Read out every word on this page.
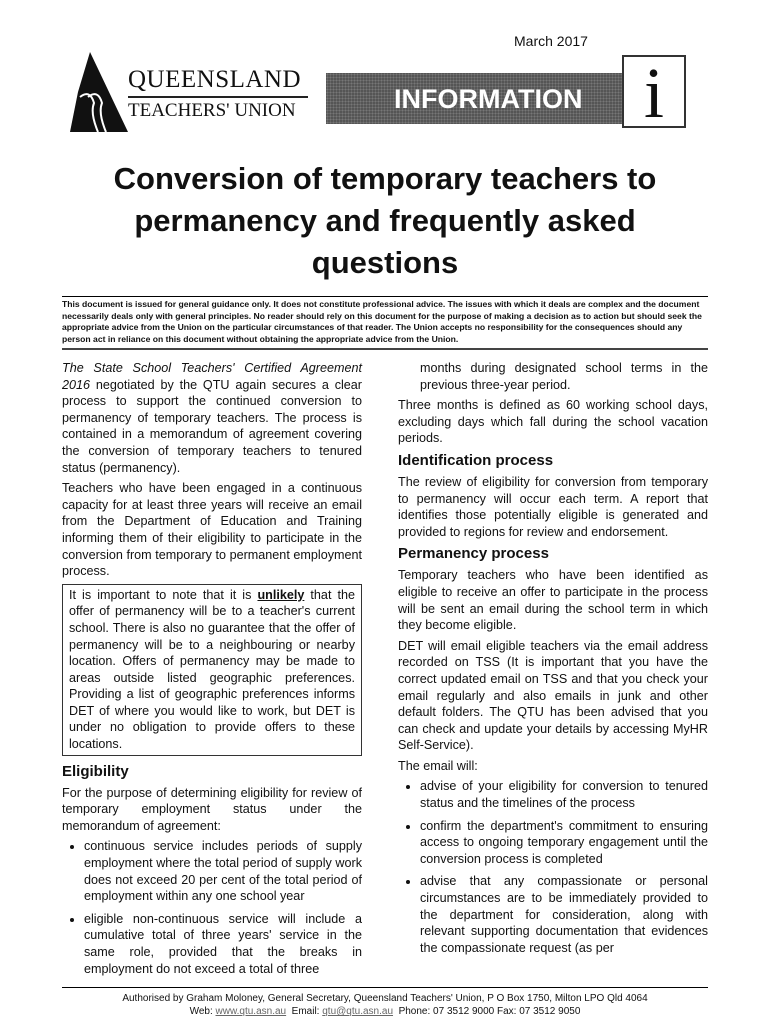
March 2017
QUEENSLAND
TEACHERS' UNION	INFORMATION i
Conversion of temporary teachers to permanency and frequently asked questions
This document is issued for general guidance only. It does not constitute professional advice. The issues with which it deals are complex and the document necessarily deals only with general principles. No reader should rely on this document for the purpose of making a decision as to action but should seek the appropriate advice from the Union on the particular circumstances of that reader. The Union accepts no responsibility for the consequences should any person act in reliance on this document without obtaining the appropriate advice from the Union.

The State School Teachers' Certified Agreement 2016 negotiated by the QTU again secures a clear process to support the continued conversion to permanency of temporary teachers. The process is contained in a memorandum of agreement covering the conversion of temporary teachers to tenured status (permanency).

Teachers who have been engaged in a continuous capacity for at least three years will receive an email from the Department of Education and Training informing them of their eligibility to participate in the conversion from temporary to permanent employment process.

It is important to note that it is unlikely that the offer of permanency will be to a teacher's current school. There is also no guarantee that the offer of permanency will be to a neighbouring or nearby location. Offers of permanency may be made to areas outside listed geographic preferences. Providing a list of geographic preferences informs DET of where you would like to work, but DET is under no obligation to provide offers to these locations.
Eligibility

For the purpose of determining eligibility for review of temporary employment status under the memorandum of agreement:

• continuous service includes periods of supply employment where the total period of supply work does not exceed 20 per cent of the total period of employment within any one school year
• eligible non-continuous service will include a cumulative total of three years' service in the same role, provided that the breaks in employment do not exceed a total of three

months during designated school terms in the previous three-year period.

Three months is defined as 60 working school days, excluding days which fall during the school vacation periods.

Identification process

The review of eligibility for conversion from temporary to permanency will occur each term. A report that identifies those potentially eligible is generated and provided to regions for review and endorsement.

Permanency process

Temporary teachers who have been identified as eligible to receive an offer to participate in the process will be sent an email during the school term in which they become eligible.

DET will email eligible teachers via the email address recorded on TSS (It is important that you have the correct updated email on TSS and that you check your email regularly and also emails in junk and other default folders. The QTU has been advised that you can check and update your details by accessing MyHR Self-Service).

The email will:

• advise of your eligibility for conversion to tenured status and the timelines of the process
• confirm the department's commitment to ensuring access to ongoing temporary engagement until the conversion process is completed
• advise that any compassionate or personal circumstances are to be immediately provided to the department for consideration, along with relevant supporting documentation that evidences the compassionate request (as per
Authorised by Graham Moloney, General Secretary, Queensland Teachers' Union, P O Box 1750, Milton LPO Qld 4064
Web: www.qtu.asn.au  Email: qtu@qtu.asn.au  Phone: 07 3512 9000 Fax: 07 3512 9050
